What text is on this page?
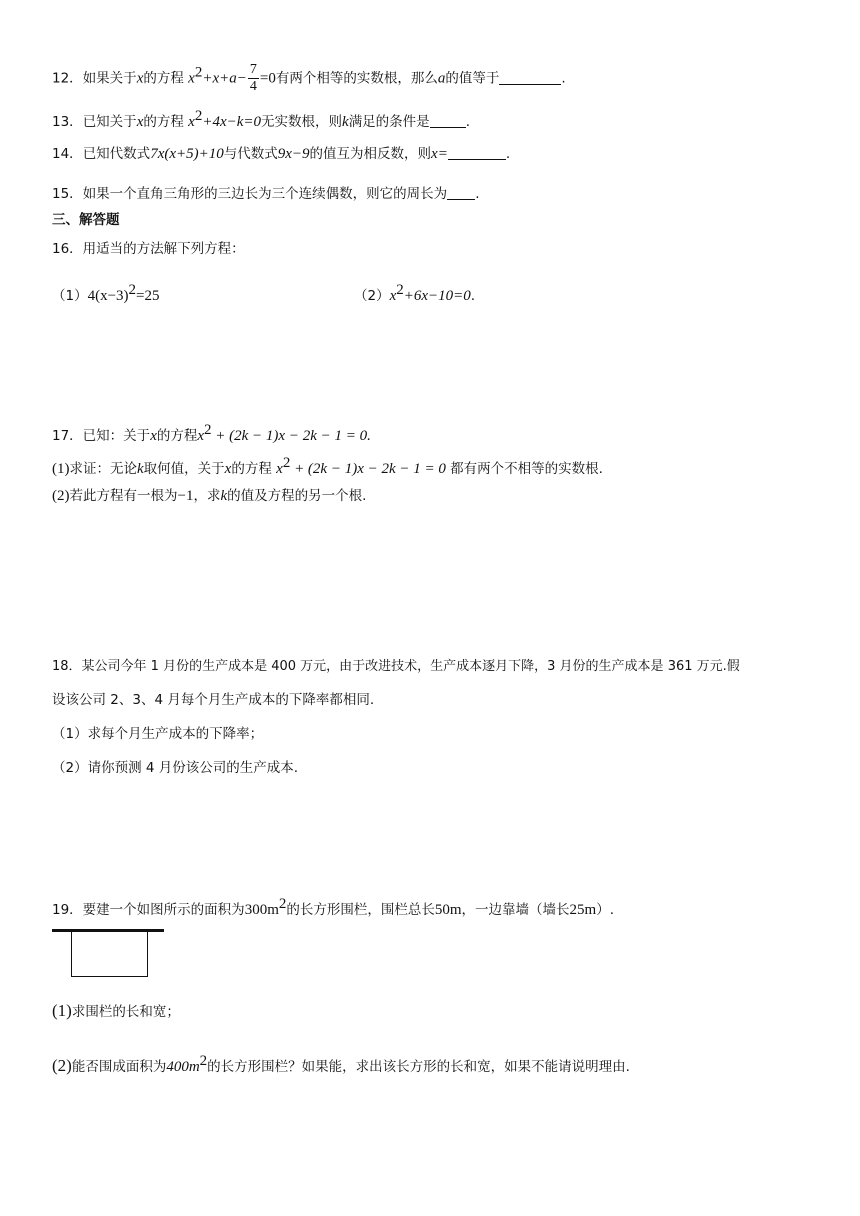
12．如果关于x的方程 $x^2+x+a- \frac{7}{4} =0$有两个相等的实数根，那么a的值等于	.
13．已知关于x的方程 $x^2+4x-k=0$无实数根，则k满足的条件是	.
14．已知代数式7x(x+5)+10与代数式9x−9的值互为相反数，则x=	.
15．如果一个直角三角形的三边长为三个连续偶数，则它的周长为 .
三、解答题
16．用适当的方法解下列方程：
$(1)4(x-3)^2=25$	$(2)x^2+6x-10=0$.
17．已知：关于x的方程$x^2 + (2k - 1)x - 2k - 1 = 0$.
(1)求证：无论k取何值，关于x的方程 $x^2 + (2k - 1)x - 2k - 1 = 0$ 都有两个不相等的实数根.
(2)若此方程有一根为−1，求k的值及方程的另一个根.
18．某公司今年 1 月份的生产成本是 400 万元，由于改进技术，生产成本逐月下降，3 月份的生产成本是 361 万元.假
设该公司 2、3、4 月每个月生产成本的下降率都相同.
（1）求每个月生产成本的下降率；
（2）请你预测 4 月份该公司的生产成本.
19．要建一个如图所示的面积为$300m^2$的长方形围栏，围栏总长50m，一边靠墙（墙长25m）.
(1)求围栏的长和宽；
(2)能否围成面积为$400m^2$的长方形围栏？如果能，求出该长方形的长和宽，如果不能请说明理由.
